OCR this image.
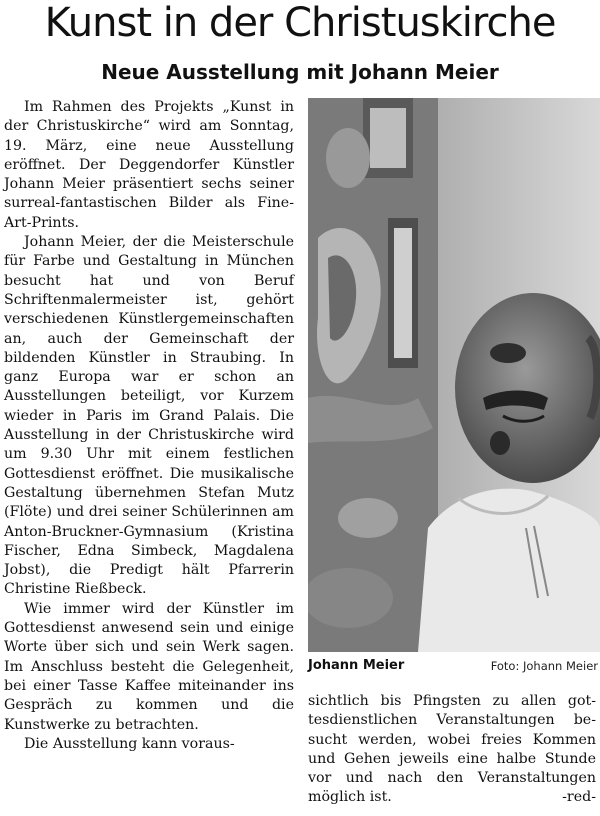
Kunst in der Christuskirche
Neue Ausstellung mit Johann Meier

Im Rahmen des Projekts „Kunst in der Christuskirche“ wird am Sonntag, 19. März, eine neue Ausstellung eröffnet. Der Deggendorfer Künstler Johann Meier präsentiert sechs seiner surreal-fantastischen Bilder als Fine-Art-Prints.

Johann Meier, der die Meisterschule für Farbe und Gestaltung in München besucht hat und von Beruf Schriftenmalermeister ist, gehört verschiedenen Künstlergemeinschaften an, auch der Gemeinschaft der bildenden Künstler in Straubing. In ganz Europa war er schon an Ausstellungen beteiligt, vor Kurzem wieder in Paris im Grand Palais. Die Ausstellung in der Christuskirche wird um 9.30 Uhr mit einem festlichen Gottesdienst eröffnet. Die musikalische Gestaltung übernehmen Stefan Mutz (Flöte) und drei seiner Schülerinnen am Anton-Bruckner-Gymnasium (Kristina Fischer, Edna Simbeck, Magdalena Jobst), die Predigt hält Pfarrerin Christine Rießbeck.

Wie immer wird der Künstler im Gottesdienst anwesend sein und einige Worte über sich und sein Werk sagen. Im Anschluss besteht die Gelegenheit, bei einer Tasse Kaffee miteinander ins Gespräch zu kommen und die Kunstwerke zu betrachten.

Die Ausstellung kann voraus-

Johann Meier	Foto: Johann Meier

sichtlich bis Pfingsten zu allen gottesdienstlichen Veranstaltungen besucht werden, wobei freies Kommen und Gehen jeweils eine halbe Stunde vor und nach den Veranstaltungen möglich ist.	-red-
